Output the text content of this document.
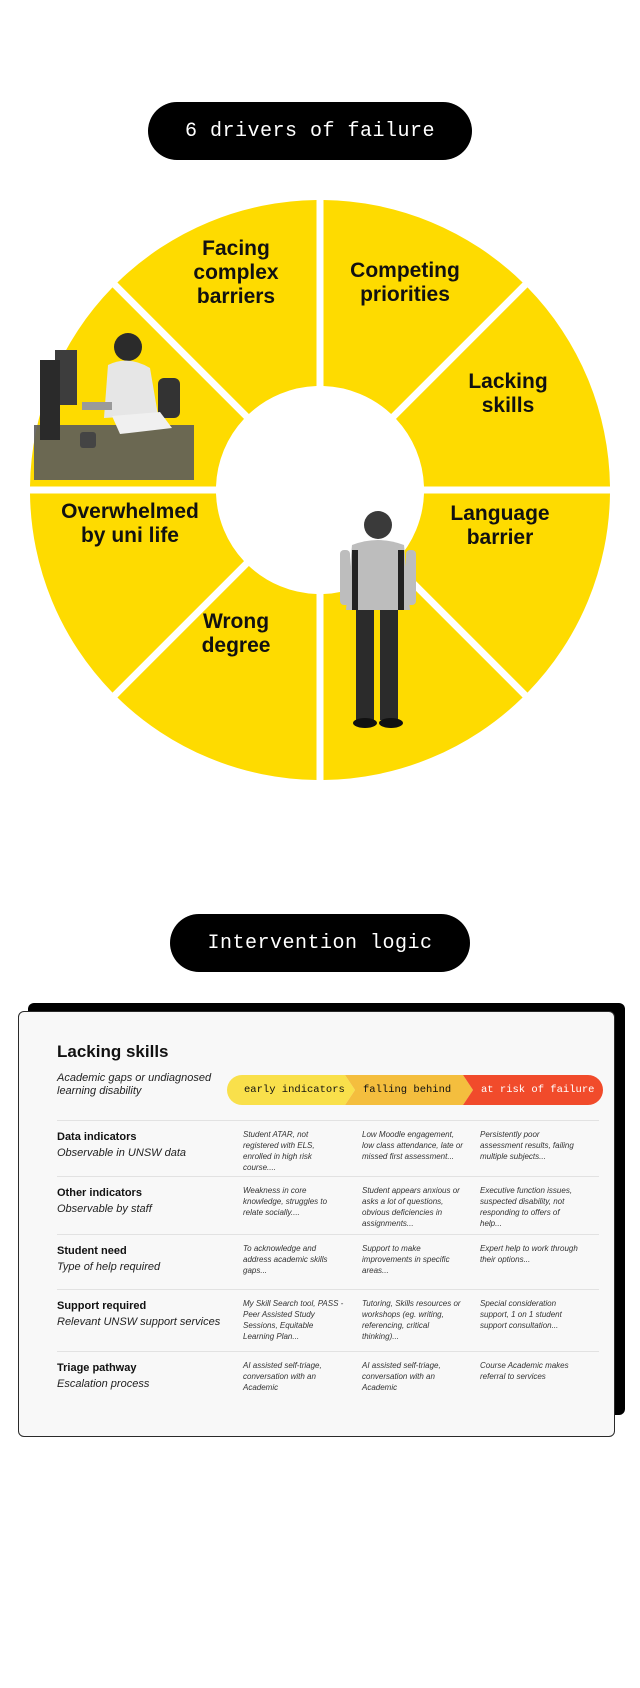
6 drivers of failure
Facing complex barriers
Competing priorities
Lacking skills
Language barrier
Wrong degree
Overwhelmed by uni life
Intervention logic
Lacking skills
Academic gaps or undiagnosed learning disability	early indicators falling behind	at risk of failure
Data indicators
Observable in UNSW data
Student ATAR, not registered with ELS, enrolled in high risk course....
Low Moodle engagement, low class attendance, late or missed first assessment...
Persistently poor assessment results, failing multiple subjects...
Other indicators
Observable by staff
Weakness in core knowledge, struggles to relate socially....
Student appears anxious or asks a lot of questions, obvious deficiencies in assignments...
Executive function issues, suspected disability, not responding to offers of help...
Student need
Type of help required
To acknowledge and address academic skills gaps...
Support to make improvements in specific areas...
Expert help to work through their options...
Support required
Relevant UNSW support services
My Skill Search tool, PASS -Peer Assisted Study Sessions, Equitable Learning Plan...
Tutoring, Skills resources or workshops (eg. writing, referencing, critical thinking)...
Special consideration support, 1 on 1 student support consultation...
Triage pathway
Escalation process
AI assisted self-triage, conversation with an Academic
AI assisted self-triage, conversation with an Academic
Course Academic makes referral to services
